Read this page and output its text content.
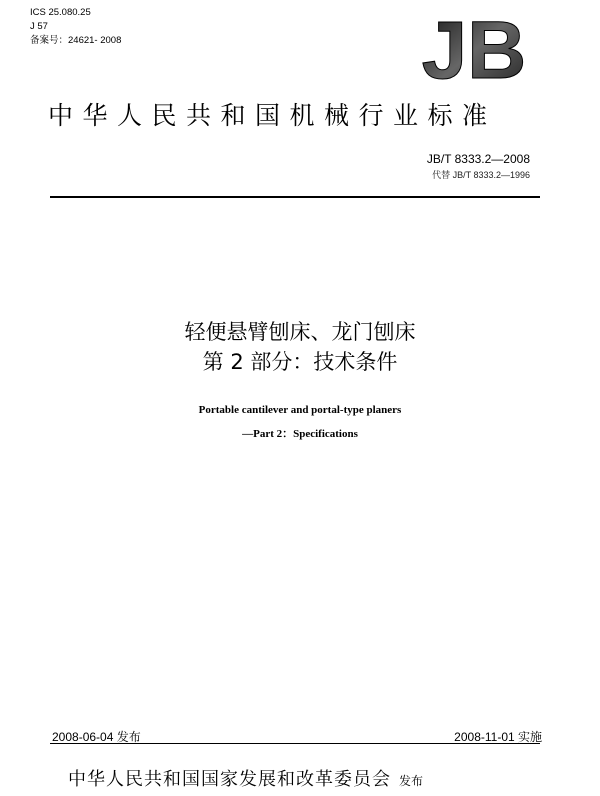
ICS 25.080.25
J 57
备案号：24621- 2008	JB
中华人民共和国机械行业标准
JB/T 8333.2—2008
代替 JB/T 8333.2—1996
轻便悬臂刨床、龙门刨床
第 2 部分：技术条件
Portable cantilever and portal-type planers
—Part 2：Specifications
2008-06-04 发布	2008-11-01 实施
中华人民共和国国家发展和改革委员会 发布
